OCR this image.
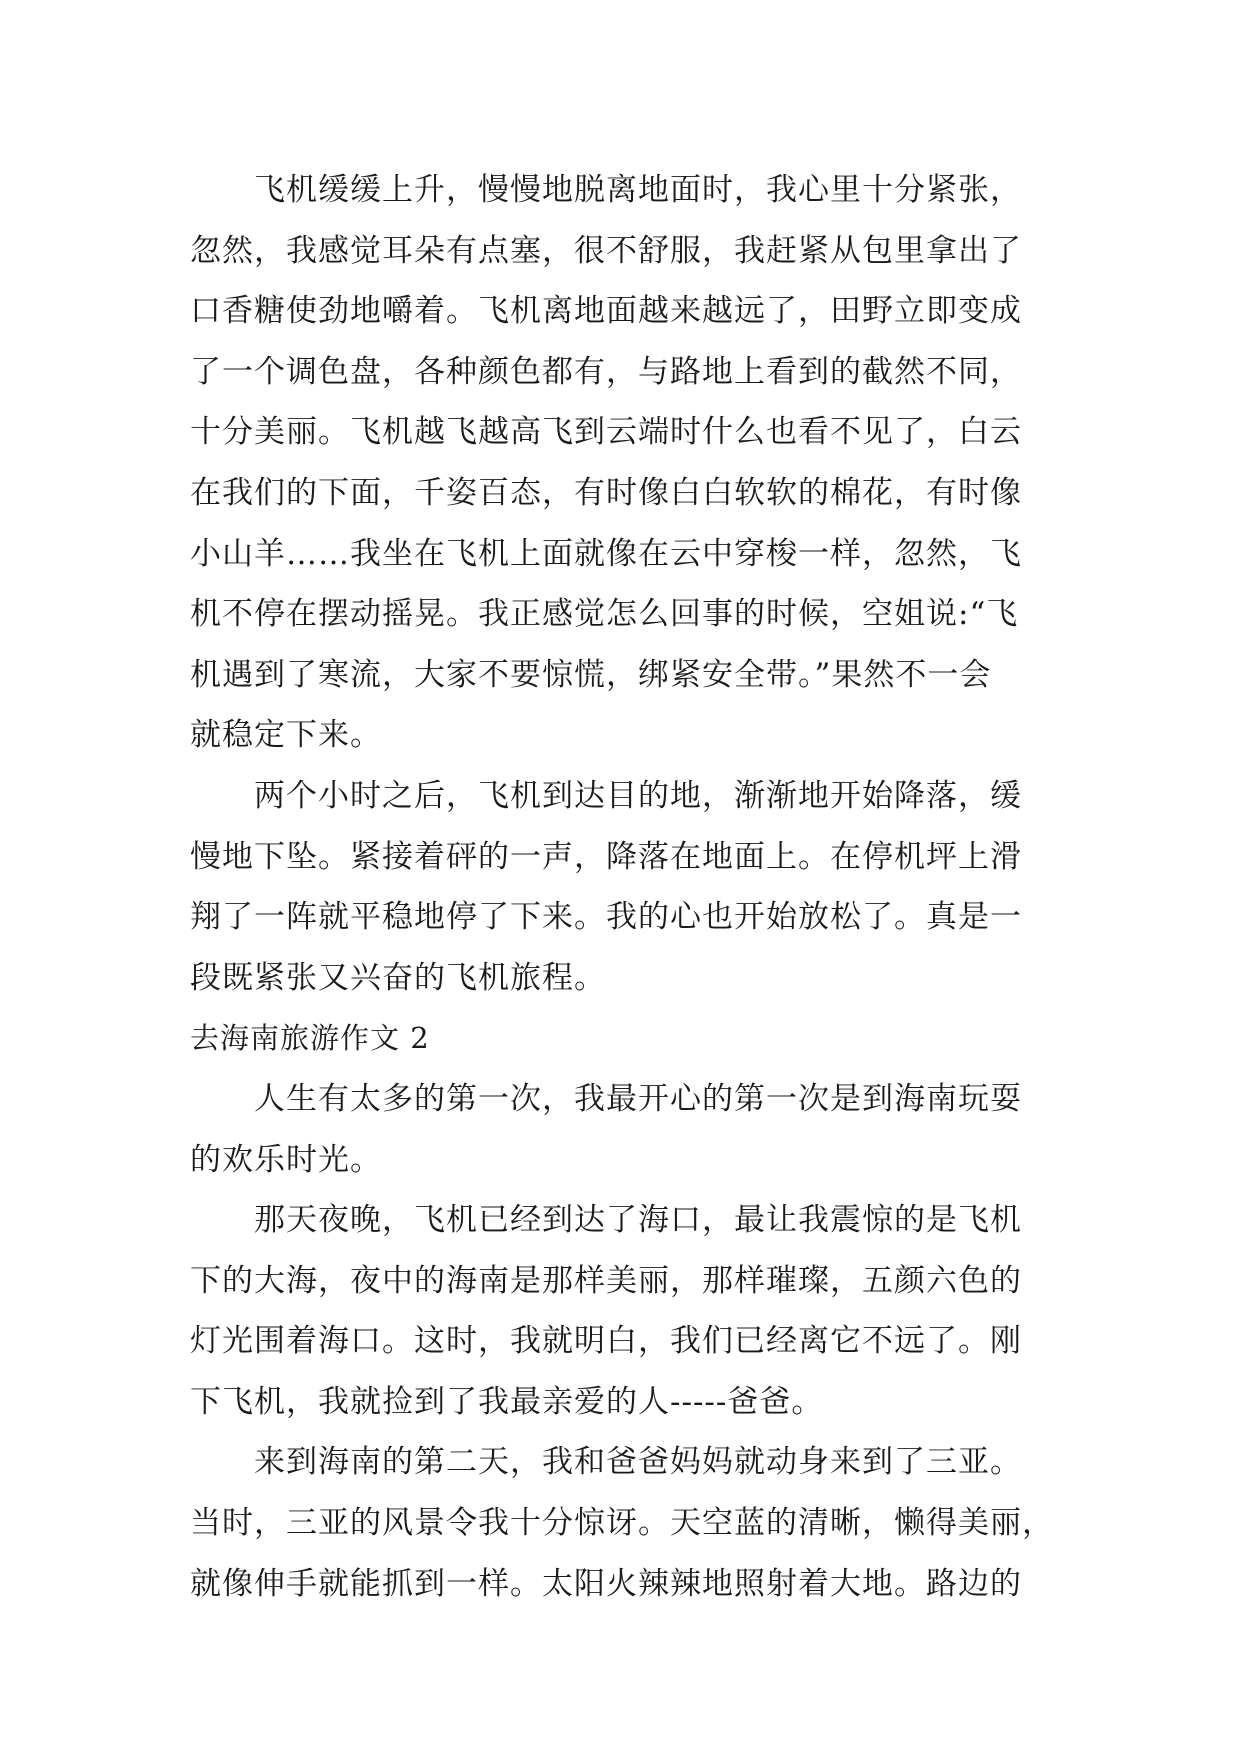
飞机缓缓上升，慢慢地脱离地面时，我心里十分紧张，
忽然，我感觉耳朵有点塞，很不舒服，我赶紧从包里拿出了
口香糖使劲地嚼着。飞机离地面越来越远了，田野立即变成
了一个调色盘，各种颜色都有，与路地上看到的截然不同，
十分美丽。飞机越飞越高飞到云端时什么也看不见了，白云
在我们的下面，千姿百态，有时像白白软软的棉花，有时像
小山羊……我坐在飞机上面就像在云中穿梭一样，忽然，飞
机不停在摆动摇晃。我正感觉怎么回事的时候，空姐说:“飞
机遇到了寒流，大家不要惊慌，绑紧安全带。”果然不一会
就稳定下来。
两个小时之后，飞机到达目的地，渐渐地开始降落，缓
慢地下坠。紧接着砰的一声，降落在地面上。在停机坪上滑
翔了一阵就平稳地停了下来。我的心也开始放松了。真是一
段既紧张又兴奋的飞机旅程。
去海南旅游作文 2
人生有太多的第一次，我最开心的第一次是到海南玩耍
的欢乐时光。
那天夜晚，飞机已经到达了海口，最让我震惊的是飞机
下的大海，夜中的海南是那样美丽，那样璀璨，五颜六色的
灯光围着海口。这时，我就明白，我们已经离它不远了。刚
下飞机，我就捡到了我最亲爱的人-----爸爸。
来到海南的第二天，我和爸爸妈妈就动身来到了三亚。
当时，三亚的风景令我十分惊讶。天空蓝的清晰，懒得美丽，
就像伸手就能抓到一样。太阳火辣辣地照射着大地。路边的
